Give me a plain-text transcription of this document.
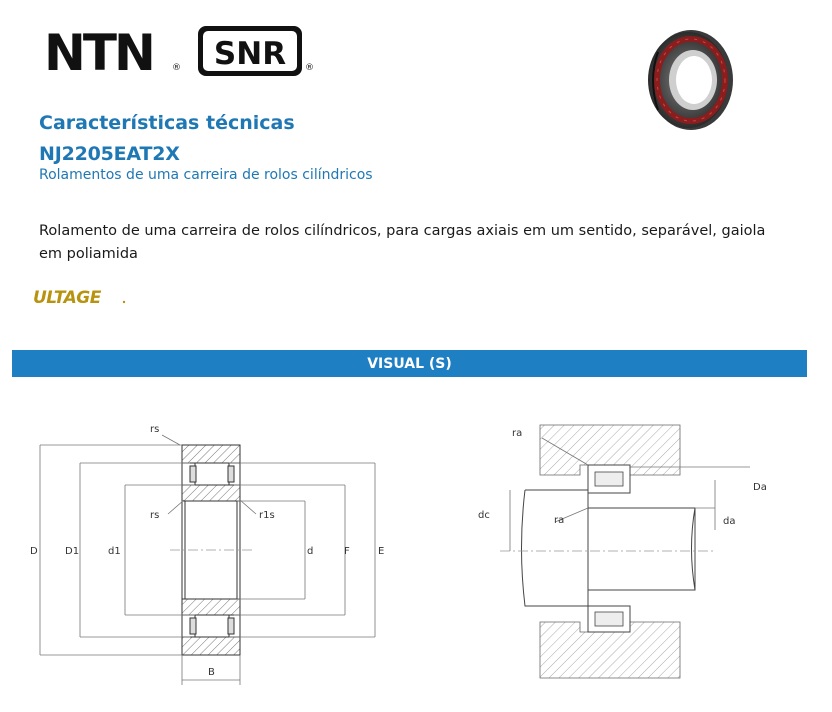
NTN ® SNR ®
Características técnicas
NJ2205EAT2X

Rolamentos de uma carreira de rolos cilíndricos

Rolamento de uma carreira de rolos cilíndricos, para cargas axiais em um sentido, separável, gaiola em poliamida

ULTAGE
VISUAL (S)
rs
rs	r1s
D	D1	d1	d	F	E
B
ra
ra
Da
da
dc
